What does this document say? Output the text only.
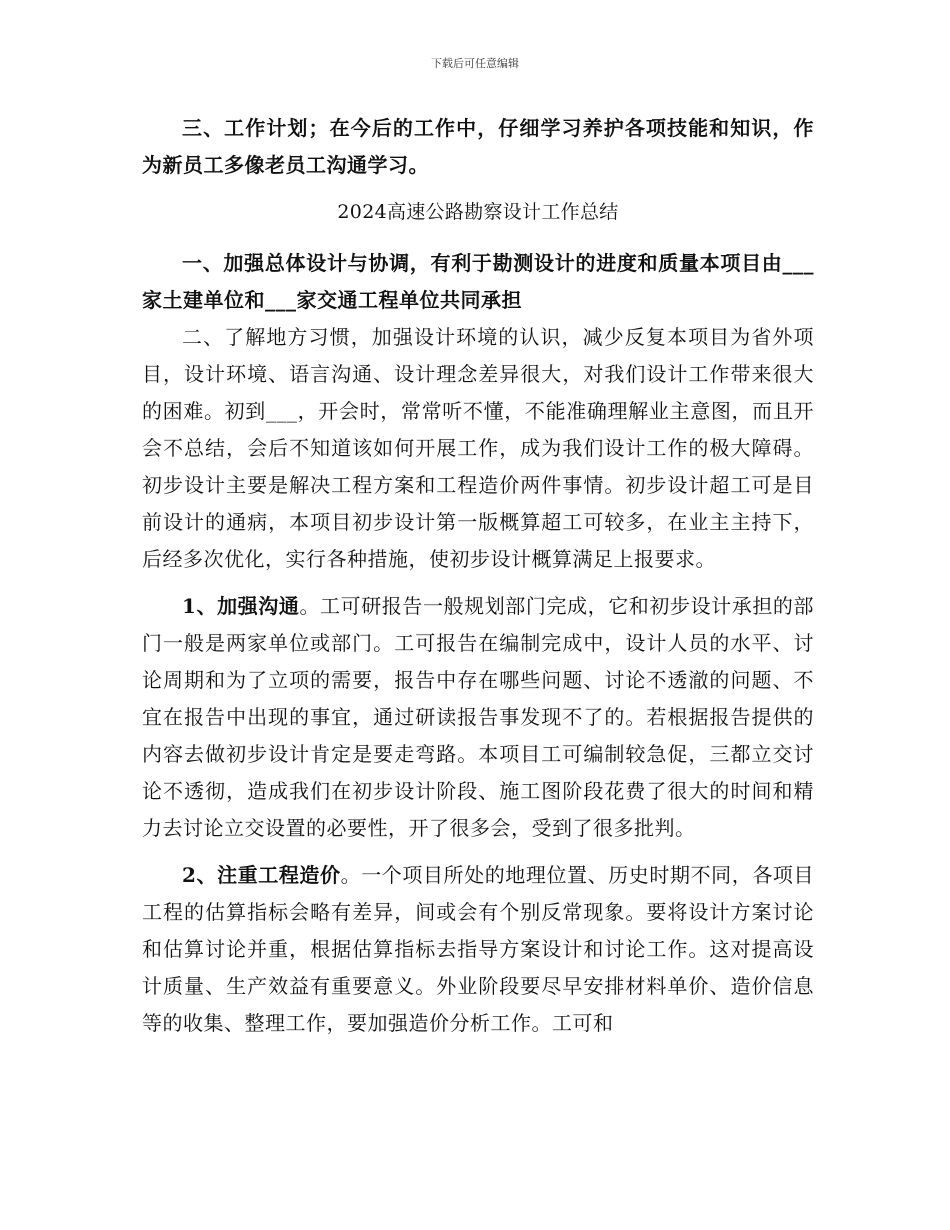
下载后可任意编辑

三、工作计划；在今后的工作中，仔细学习养护各项技能和知识，作为新员工多像老员工沟通学习。

2024高速公路勘察设计工作总结

一、加强总体设计与协调，有利于勘测设计的进度和质量本项目由___家土建单位和___家交通工程单位共同承担

二、了解地方习惯，加强设计环境的认识，减少反复本项目为省外项目，设计环境、语言沟通、设计理念差异很大，对我们设计工作带来很大的困难。初到___，开会时，常常听不懂，不能准确理解业主意图，而且开会不总结，会后不知道该如何开展工作，成为我们设计工作的极大障碍。初步设计主要是解决工程方案和工程造价两件事情。初步设计超工可是目前设计的通病，本项目初步设计第一版概算超工可较多，在业主主持下，后经多次优化，实行各种措施，使初步设计概算满足上报要求。

1、加强沟通。工可研报告一般规划部门完成，它和初步设计承担的部门一般是两家单位或部门。工可报告在编制完成中，设计人员的水平、讨论周期和为了立项的需要，报告中存在哪些问题、讨论不透澈的问题、不宜在报告中出现的事宜，通过研读报告事发现不了的。若根据报告提供的内容去做初步设计肯定是要走弯路。本项目工可编制较急促，三都立交讨论不透彻，造成我们在初步设计阶段、施工图阶段花费了很大的时间和精力去讨论立交设置的必要性，开了很多会，受到了很多批判。

2、注重工程造价。一个项目所处的地理位置、历史时期不同，各项目工程的估算指标会略有差异，间或会有个别反常现象。要将设计方案讨论和估算讨论并重，根据估算指标去指导方案设计和讨论工作。这对提高设计质量、生产效益有重要意义。外业阶段要尽早安排材料单价、造价信息等的收集、整理工作，要加强造价分析工作。工可和
